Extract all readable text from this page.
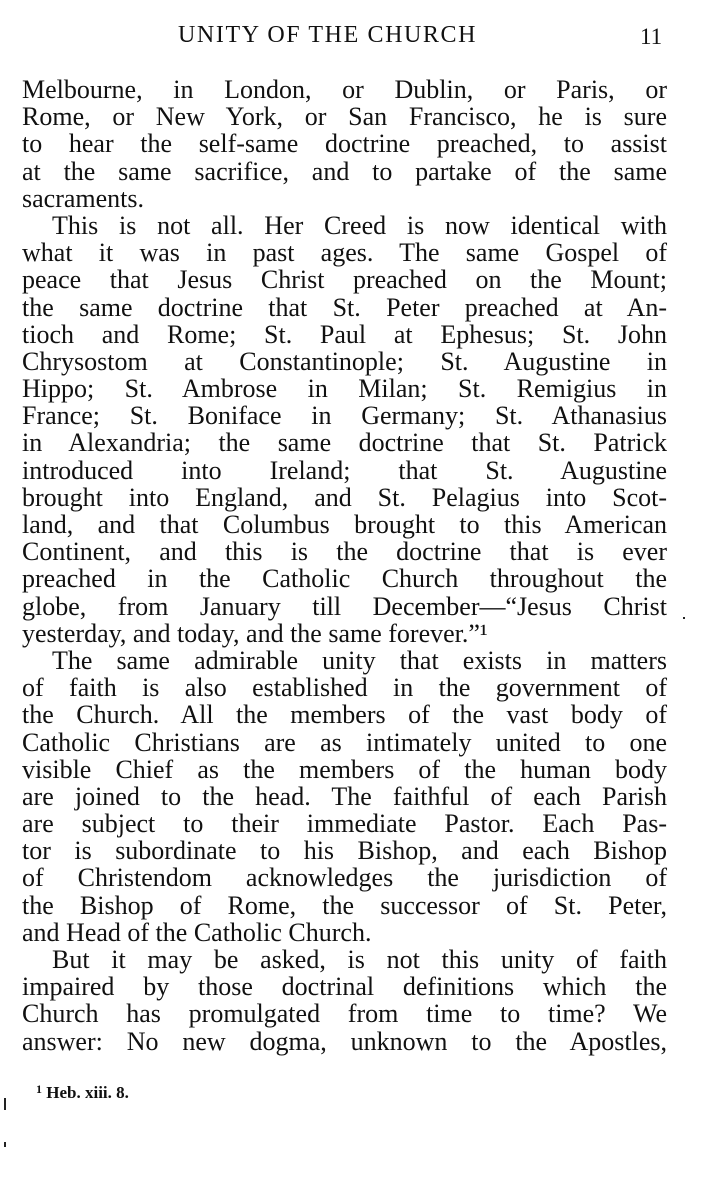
UNITY OF THE CHURCH	11
Melbourne, in London, or Dublin, or Paris, or
Rome, or New York, or San Francisco, he is sure
to hear the self-same doctrine preached, to assist
at the same sacrifice, and to partake of the same
sacraments.
This is not all. Her Creed is now identical with
what it was in past ages. The same Gospel of
peace that Jesus Christ preached on the Mount;
the same doctrine that St. Peter preached at An-
tioch and Rome; St. Paul at Ephesus; St. John
Chrysostom at Constantinople; St. Augustine in
Hippo; St. Ambrose in Milan; St. Remigius in
France; St. Boniface in Germany; St. Athanasius
in Alexandria; the same doctrine that St. Patrick
introduced into Ireland; that St. Augustine
brought into England, and St. Pelagius into Scot-
land, and that Columbus brought to this American
Continent, and this is the doctrine that is ever
preached in the Catholic Church throughout the
globe, from January till December—“Jesus Christ
yesterday, and today, and the same forever.”¹
The same admirable unity that exists in matters
of faith is also established in the government of
the Church. All the members of the vast body of
Catholic Christians are as intimately united to one
visible Chief as the members of the human body
are joined to the head. The faithful of each Parish
are subject to their immediate Pastor. Each Pas-
tor is subordinate to his Bishop, and each Bishop
of Christendom acknowledges the jurisdiction of
the Bishop of Rome, the successor of St. Peter,
and Head of the Catholic Church.
But it may be asked, is not this unity of faith
impaired by those doctrinal definitions which the
Church has promulgated from time to time? We
answer: No new dogma, unknown to the Apostles,
$^1$ Heb. xiii. 8.
